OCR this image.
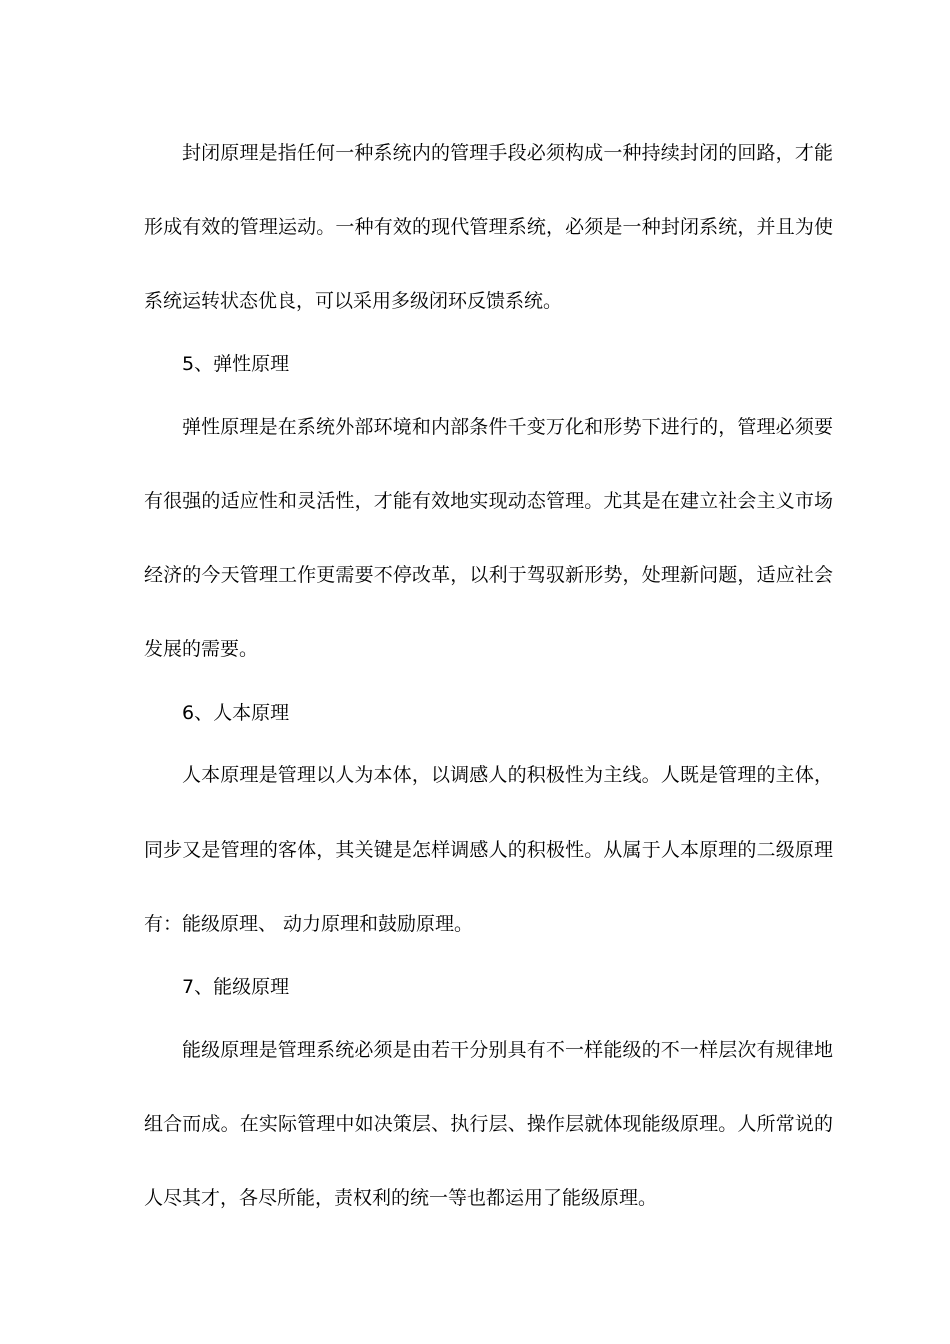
封闭原理是指任何一种系统内的管理手段必须构成一种持续封闭的回路，才能
形成有效的管理运动。一种有效的现代管理系统，必须是一种封闭系统，并且为使
系统运转状态优良，可以采用多级闭环反馈系统。
5、弹性原理
弹性原理是在系统外部环境和内部条件千变万化和形势下进行的，管理必须要
有很强的适应性和灵活性，才能有效地实现动态管理。尤其是在建立社会主义市场
经济的今天管理工作更需要不停改革，以利于驾驭新形势，处理新问题，适应社会
发展的需要。
6、人本原理
人本原理是管理以人为本体，以调感人的积极性为主线。人既是管理的主体，
同步又是管理的客体，其关键是怎样调感人的积极性。从属于人本原理的二级原理
有：能级原理、 动力原理和鼓励原理。
7、能级原理
能级原理是管理系统必须是由若干分别具有不一样能级的不一样层次有规律地
组合而成。在实际管理中如决策层、执行层、操作层就体现能级原理。人所常说的
人尽其才，各尽所能，责权利的统一等也都运用了能级原理。
